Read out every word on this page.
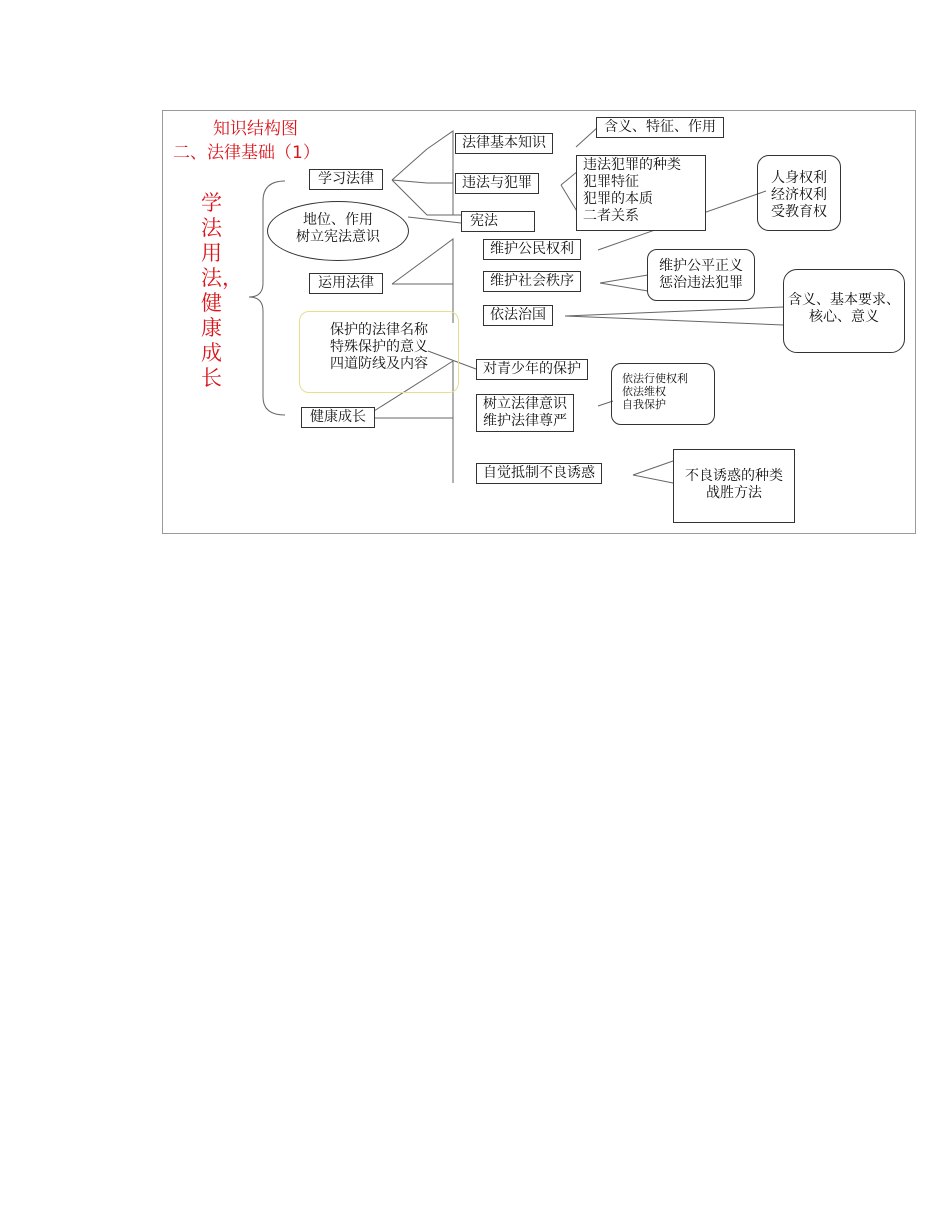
知识结构图
二、法律基础（1）
学
法
用
法，
健
康
成
长
学习法律
运用法律
健康成长
法律基本知识
含义、特征、作用
违法与犯罪
违法犯罪的种类
犯罪特征
犯罪的本质
二者关系
宪法
地位、作用
树立宪法意识
维护公民权利
人身权利
经济权利
受教育权
维护社会秩序
维护公平正义
惩治违法犯罪
依法治国
含义、基本要求、
核心、意义
保护的法律名称
特殊保护的意义
四道防线及内容	对青少年的保护
树立法律意识
维护法律尊严
依法行使权利
依法维权
自我保护
自觉抵制不良诱惑	不良诱惑的种类
战胜方法
